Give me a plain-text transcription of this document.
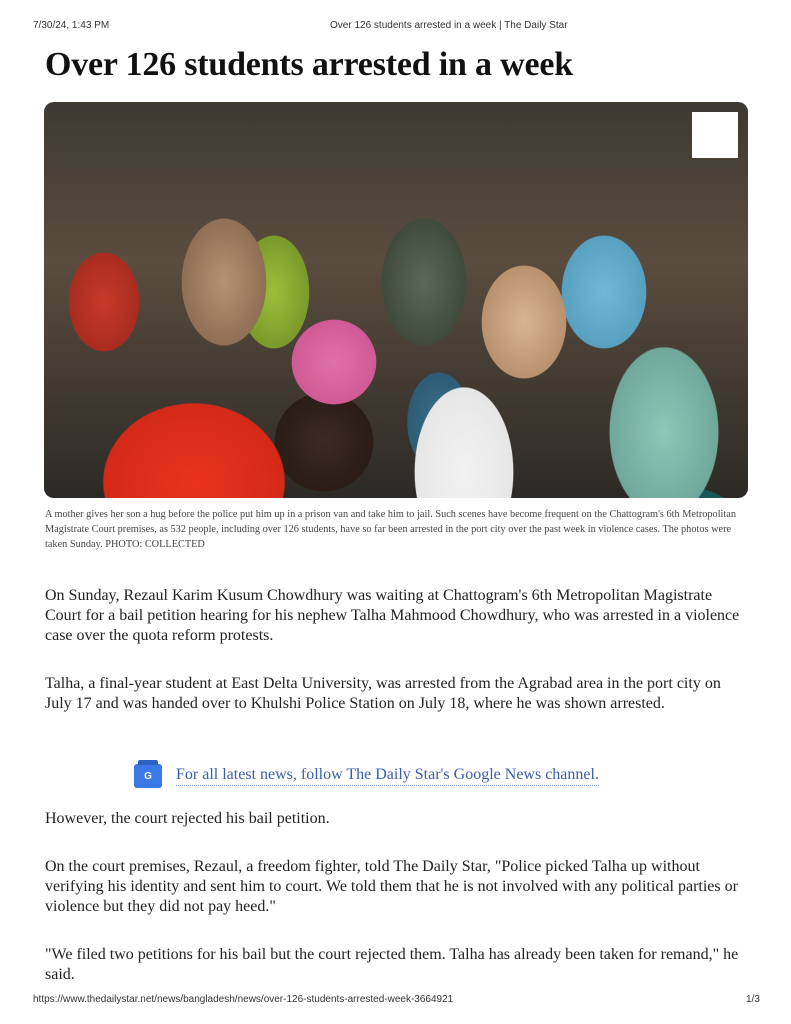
7/30/24, 1:43 PM	Over 126 students arrested in a week | The Daily Star
Over 126 students arrested in a week
A mother gives her son a hug before the police put him up in a prison van and take him to jail. Such scenes have become frequent on the Chattogram's 6th Metropolitan Magistrate Court premises, as 532 people, including over 126 students, have so far been arrested in the port city over the past week in violence cases. The photos were taken Sunday. PHOTO: COLLECTED

On Sunday, Rezaul Karim Kusum Chowdhury was waiting at Chattogram's 6th Metropolitan Magistrate Court for a bail petition hearing for his nephew Talha Mahmood Chowdhury, who was arrested in a violence case over the quota reform protests.

Talha, a final-year student at East Delta University, was arrested from the Agrabad area in the port city on July 17 and was handed over to Khulshi Police Station on July 18, where he was shown arrested.

G	For all latest news, follow The Daily Star's Google News channel.

However, the court rejected his bail petition.

On the court premises, Rezaul, a freedom fighter, told The Daily Star, "Police picked Talha up without verifying his identity and sent him to court. We told them that he is not involved with any political parties or violence but they did not pay heed."

"We filed two petitions for his bail but the court rejected them. Talha has already been taken for remand," he said.

https://www.thedailystar.net/news/bangladesh/news/over-126-students-arrested-week-3664921	1/3
